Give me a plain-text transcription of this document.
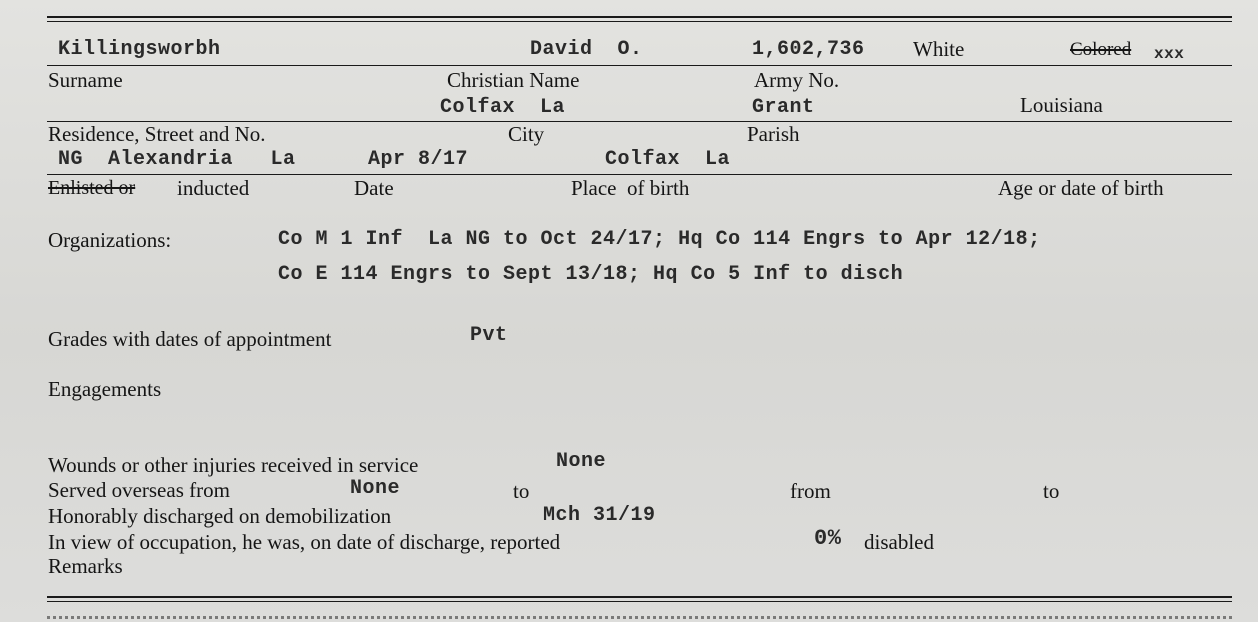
Killingsworbh	David  O.	1,602,736 White	Colored xxx
Surname	Christian Name	Army No.
Colfax  La	Grant	Louisiana
Residence, Street and No.	City	Parish
NG  Alexandria   La	Apr 8/17	Colfax  La
Enlisted or inducted	Date	Place  of birth	Age or date of birth
Organizations:	Co M 1 Inf  La NG to Oct 24/17; Hq Co 114 Engrs to Apr 12/18;
Co E 114 Engrs to Sept 13/18; Hq Co 5 Inf to disch
Grades with dates of appointment	Pvt
Engagements
Wounds or other injuries received in service	None
Served overseas from	None	to	from	to
Honorably discharged on demobilization	Mch 31/19
In view of occupation, he was, on date of discharge, reported	0% disabled
Remarks
